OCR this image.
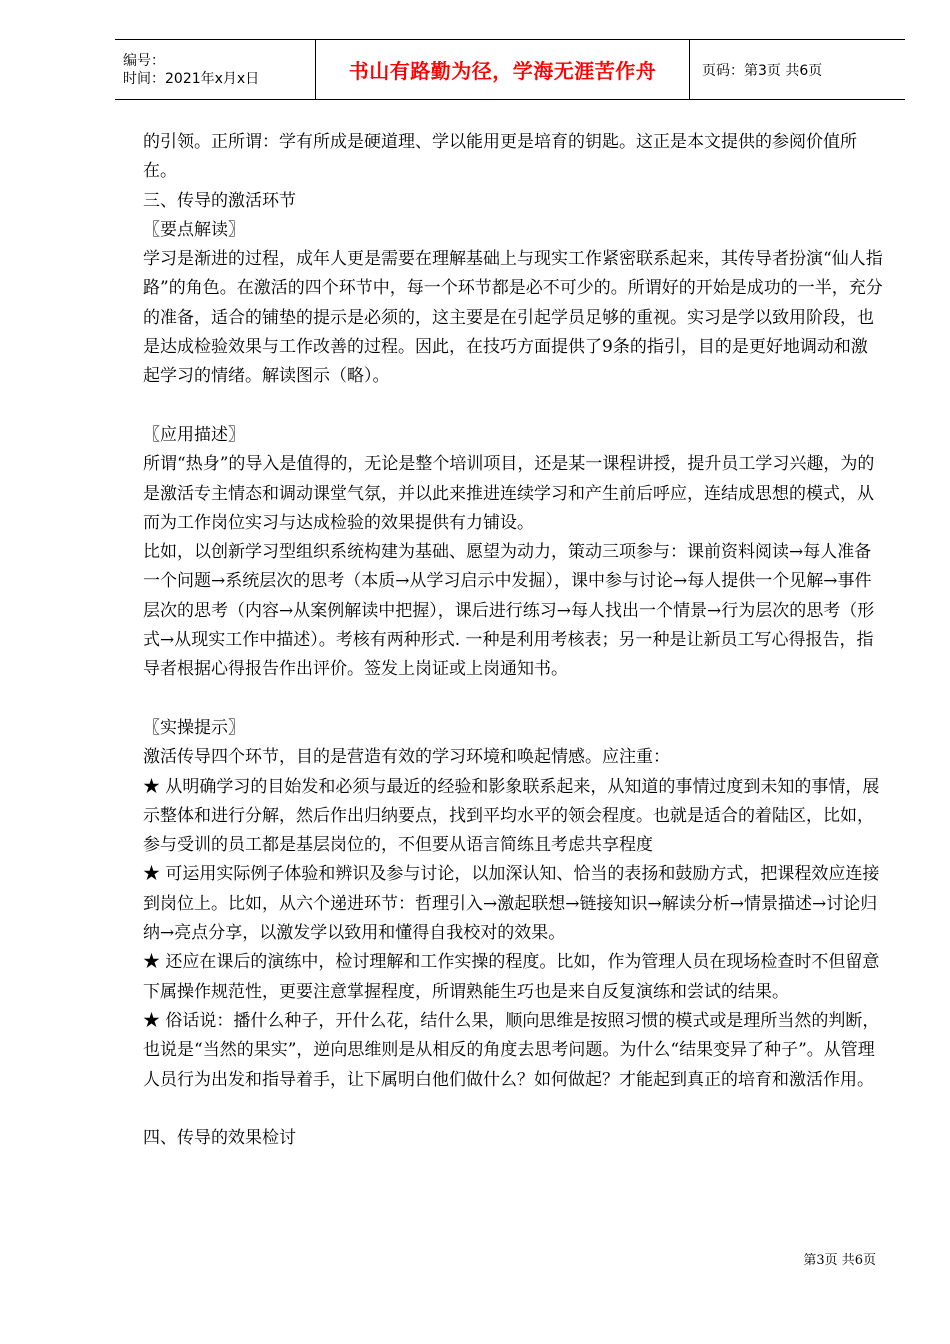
编号：
时间：2021年x月x日	书山有路勤为径，学海无涯苦作舟	页码：第3页 共6页

的引领。正所谓：学有所成是硬道理、学以能用更是培育的钥匙。这正是本文提供的参阅价值所在。

三、传导的激活环节

〖要点解读〗

学习是渐进的过程，成年人更是需要在理解基础上与现实工作紧密联系起来，其传导者扮演“仙人指路”的角色。在激活的四个环节中，每一个环节都是必不可少的。所谓好的开始是成功的一半，充分的准备，适合的铺垫的提示是必须的，这主要是在引起学员足够的重视。实习是学以致用阶段，也是达成检验效果与工作改善的过程。因此，在技巧方面提供了9条的指引，目的是更好地调动和激起学习的情绪。解读图示（略）。

〖应用描述〗

所谓“热身”的导入是值得的，无论是整个培训项目，还是某一课程讲授，提升员工学习兴趣，为的是激活专主情态和调动课堂气氛，并以此来推进连续学习和产生前后呼应，连结成思想的模式，从而为工作岗位实习与达成检验的效果提供有力铺设。

比如，以创新学习型组织系统构建为基础、愿望为动力，策动三项参与：课前资料阅读→每人准备一个问题→系统层次的思考（本质→从学习启示中发掘），课中参与讨论→每人提供一个见解→事件层次的思考（内容→从案例解读中把握），课后进行练习→每人找出一个情景→行为层次的思考（形式→从现实工作中描述）。考核有两种形式. 一种是利用考核表；另一种是让新员工写心得报告，指导者根据心得报告作出评价。签发上岗证或上岗通知书。

〖实操提示〗

激活传导四个环节，目的是营造有效的学习环境和唤起情感。应注重：

★ 从明确学习的目始发和必须与最近的经验和影象联系起来，从知道的事情过度到未知的事情，展示整体和进行分解，然后作出归纳要点，找到平均水平的领会程度。也就是适合的着陆区，比如，参与受训的员工都是基层岗位的，不但要从语言简练且考虑共享程度

★ 可运用实际例子体验和辨识及参与讨论，以加深认知、恰当的表扬和鼓励方式，把课程效应连接到岗位上。比如，从六个递进环节：哲理引入→激起联想→链接知识→解读分析→情景描述→讨论归纳→亮点分享，以激发学以致用和懂得自我校对的效果。

★ 还应在课后的演练中，检讨理解和工作实操的程度。比如，作为管理人员在现场检查时不但留意下属操作规范性，更要注意掌握程度，所谓熟能生巧也是来自反复演练和尝试的结果。

★ 俗话说：播什么种子，开什么花，结什么果，顺向思维是按照习惯的模式或是理所当然的判断，也说是“当然的果实”，逆向思维则是从相反的角度去思考问题。为什么“结果变异了种子”。从管理人员行为出发和指导着手，让下属明白他们做什么？如何做起？才能起到真正的培育和激活作用。

四、传导的效果检讨

第3页 共6页
